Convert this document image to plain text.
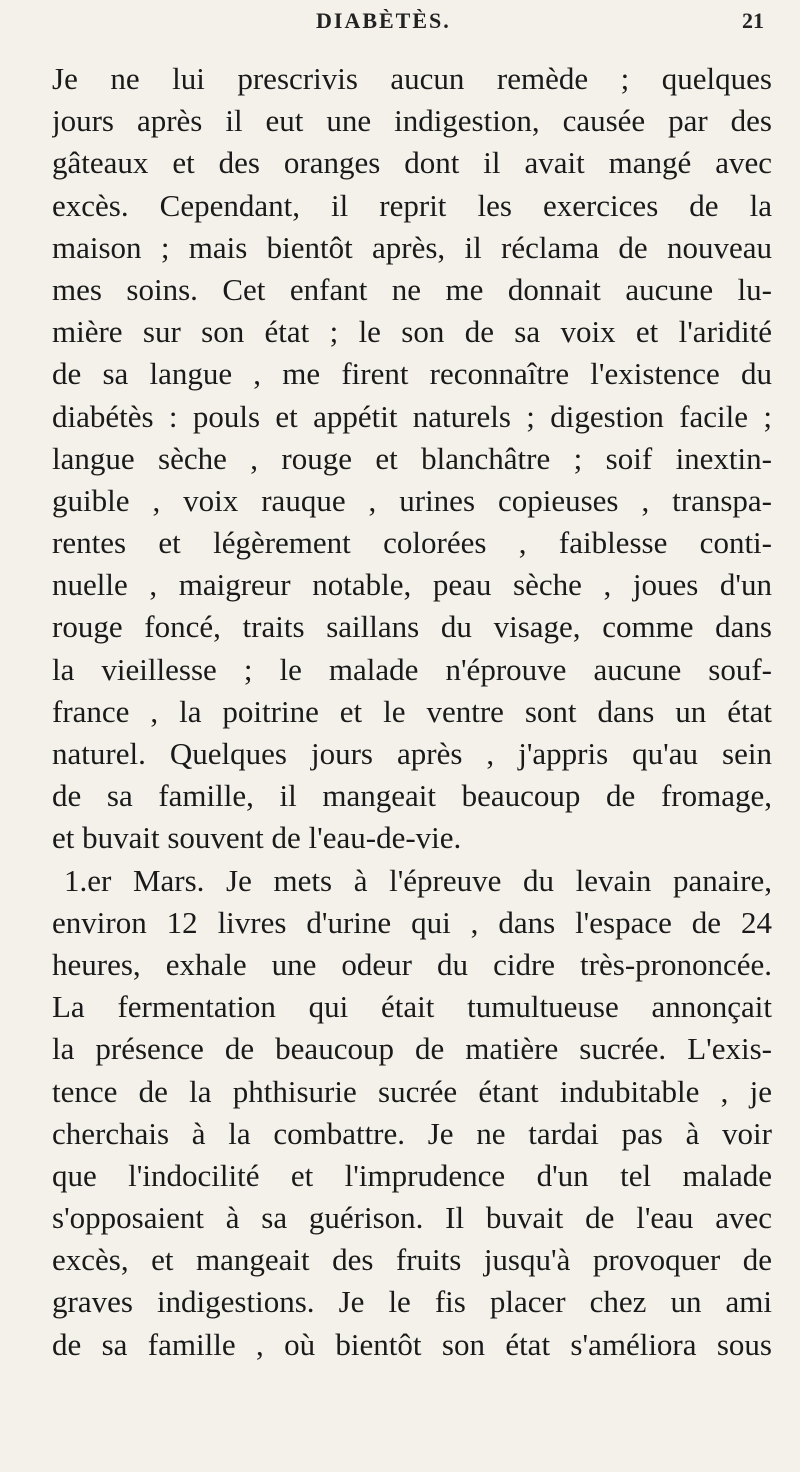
DIABÈTÈS.	21
Je ne lui prescrivis aucun remède ; quelques
jours après il eut une indigestion, causée par des
gâteaux et des oranges dont il avait mangé avec
excès. Cependant, il reprit les exercices de la
maison ; mais bientôt après, il réclama de nouveau
mes soins. Cet enfant ne me donnait aucune lu-
mière sur son état ; le son de sa voix et l'aridité
de sa langue , me firent reconnaître l'existence du
diabétès : pouls et appétit naturels ; digestion facile ;
langue sèche , rouge et blanchâtre ; soif inextin-
guible , voix rauque , urines copieuses , transpa-
rentes et légèrement colorées , faiblesse conti-
nuelle , maigreur notable, peau sèche , joues d'un
rouge foncé, traits saillans du visage, comme dans
la vieillesse ; le malade n'éprouve aucune souf-
france , la poitrine et le ventre sont dans un état
naturel. Quelques jours après , j'appris qu'au sein
de sa famille, il mangeait beaucoup de fromage,
et buvait souvent de l'eau-de-vie.
1.er Mars. Je mets à l'épreuve du levain panaire,
environ 12 livres d'urine qui , dans l'espace de 24
heures, exhale une odeur du cidre très-prononcée.
La fermentation qui était tumultueuse annonçait
la présence de beaucoup de matière sucrée. L'exis-
tence de la phthisurie sucrée étant indubitable , je
cherchais à la combattre. Je ne tardai pas à voir
que l'indocilité et l'imprudence d'un tel malade
s'opposaient à sa guérison. Il buvait de l'eau avec
excès, et mangeait des fruits jusqu'à provoquer de
graves indigestions. Je le fis placer chez un ami
de sa famille , où bientôt son état s'améliora sous
